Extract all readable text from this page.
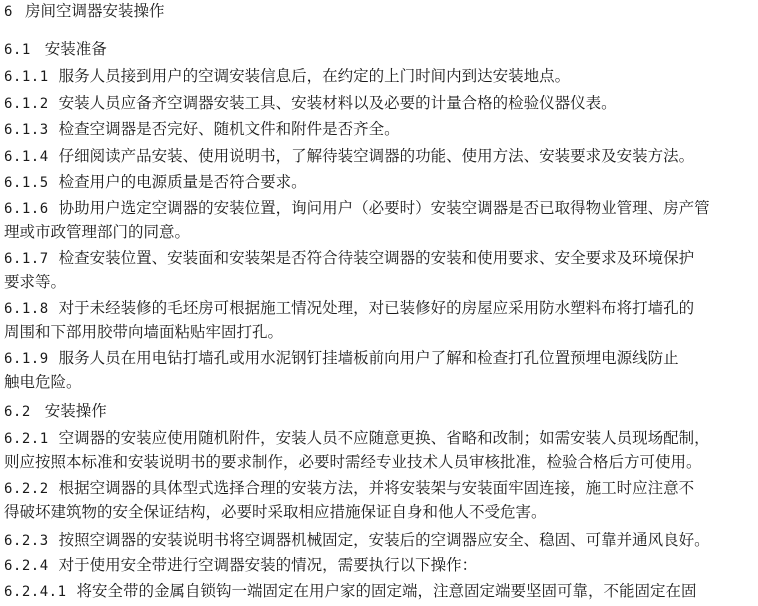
6 房间空调器安装操作
6.1 安装准备
6.1.1 服务人员接到用户的空调安装信息后，在约定的上门时间内到达安装地点。
6.1.2 安装人员应备齐空调器安装工具、安装材料以及必要的计量合格的检验仪器仪表。
6.1.3 检查空调器是否完好、随机文件和附件是否齐全。
6.1.4 仔细阅读产品安装、使用说明书，了解待装空调器的功能、使用方法、安装要求及安装方法。
6.1.5 检查用户的电源质量是否符合要求。
6.1.6 协助用户选定空调器的安装位置，询问用户（必要时）安装空调器是否已取得物业管理、房产管
理或市政管理部门的同意。
6.1.7 检查安装位置、安装面和安装架是否符合待装空调器的安装和使用要求、安全要求及环境保护
要求等。
6.1.8 对于未经装修的毛坯房可根据施工情况处理，对已装修好的房屋应采用防水塑料布将打墙孔的
周围和下部用胶带向墙面粘贴牢固打孔。
6.1.9 服务人员在用电钻打墙孔或用水泥钢钉挂墙板前向用户了解和检查打孔位置预埋电源线防止
触电危险。
6.2 安装操作
6.2.1 空调器的安装应使用随机附件，安装人员不应随意更换、省略和改制；如需安装人员现场配制，
则应按照本标准和安装说明书的要求制作，必要时需经专业技术人员审核批准，检验合格后方可使用。
6.2.2 根据空调器的具体型式选择合理的安装方法，并将安装架与安装面牢固连接，施工时应注意不
得破坏建筑物的安全保证结构，必要时采取相应措施保证自身和他人不受危害。
6.2.3 按照空调器的安装说明书将空调器机械固定，安装后的空调器应安全、稳固、可靠并通风良好。
6.2.4 对于使用安全带进行空调器安装的情况，需要执行以下操作：
6.2.4.1 将安全带的金属自锁钩一端固定在用户家的固定端，注意固定端要坚固可靠，不能固定在固
